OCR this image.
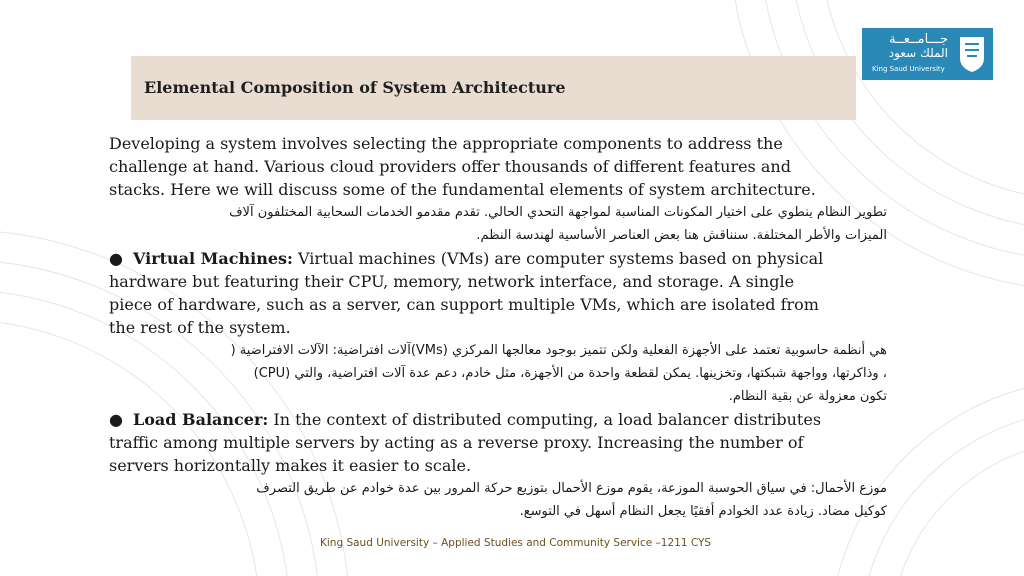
Elemental Composition of System Architecture
جـــامــعــة
الملك سعود
King Saud University
Developing a system involves selecting the appropriate components to address the
challenge at hand. Various cloud providers offer thousands of different features and
stacks. Here we will discuss some of the fundamental elements of system architecture.
تطوير النظام ينطوي على اختيار المكونات المناسبة لمواجهة التحدي الحالي. تقدم مقدمو الخدمات السحابية المختلفون آلاف
الميزات والأطر المختلفة. سنناقش هنا بعض العناصر الأساسية لهندسة النظم.
● Virtual Machines: Virtual machines (VMs) are computer systems based on physical
hardware but featuring their CPU, memory, network interface, and storage. A single
piece of hardware, such as a server, can support multiple VMs, which are isolated from
the rest of the system.
هي أنظمة حاسوبية تعتمد على الأجهزة الفعلية ولكن تتميز بوجود معالجها المركزي (VMs)آلات افتراضية: الآلات الافتراضية (
، وذاكرتها، وواجهة شبكتها، وتخزينها. يمكن لقطعة واحدة من الأجهزة، مثل خادم، دعم عدة آلات افتراضية، والتي (CPU)
تكون معزولة عن بقية النظام.
● Load Balancer: In the context of distributed computing, a load balancer distributes
traffic among multiple servers by acting as a reverse proxy. Increasing the number of
servers horizontally makes it easier to scale.
موزع الأحمال: في سياق الحوسبة الموزعة، يقوم موزع الأحمال بتوزيع حركة المرور بين عدة خوادم عن طريق التصرف
كوكيل مضاد. زيادة عدد الخوادم أفقيًا يجعل النظام أسهل في التوسع.
King Saud University – Applied Studies and Community Service –1211 CYS
